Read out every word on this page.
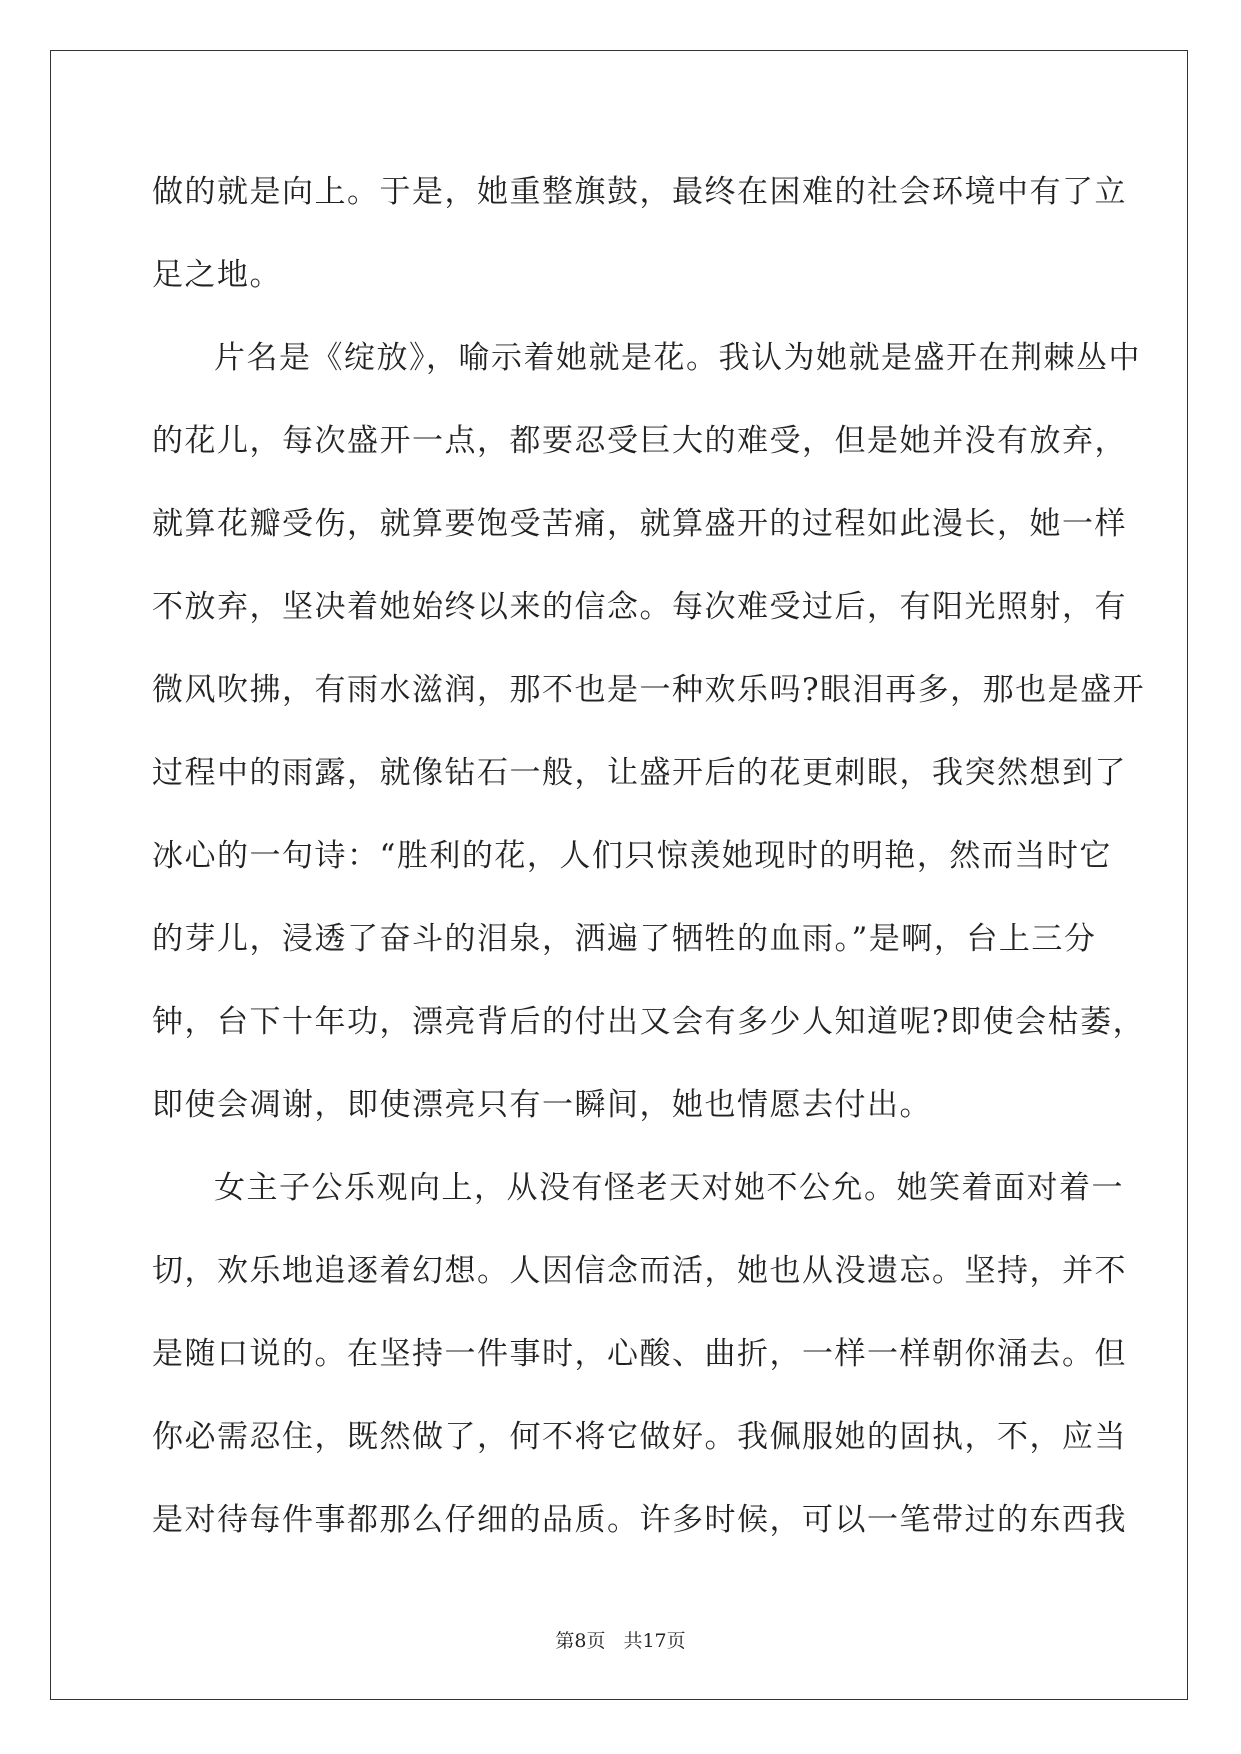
做的就是向上。于是，她重整旗鼓，最终在困难的社会环境中有了立
足之地。
片名是《绽放》，喻示着她就是花。我认为她就是盛开在荆棘丛中
的花儿，每次盛开一点，都要忍受巨大的难受，但是她并没有放弃，
就算花瓣受伤，就算要饱受苦痛，就算盛开的过程如此漫长，她一样
不放弃，坚决着她始终以来的信念。每次难受过后，有阳光照射，有
微风吹拂，有雨水滋润，那不也是一种欢乐吗?眼泪再多，那也是盛开
过程中的雨露，就像钻石一般，让盛开后的花更刺眼，我突然想到了
冰心的一句诗：“胜利的花，人们只惊羡她现时的明艳，然而当时它
的芽儿，浸透了奋斗的泪泉，洒遍了牺牲的血雨。”是啊，台上三分
钟，台下十年功，漂亮背后的付出又会有多少人知道呢?即使会枯萎，
即使会凋谢，即使漂亮只有一瞬间，她也情愿去付出。
女主子公乐观向上，从没有怪老天对她不公允。她笑着面对着一
切，欢乐地追逐着幻想。人因信念而活，她也从没遗忘。坚持，并不
是随口说的。在坚持一件事时，心酸、曲折，一样一样朝你涌去。但
你必需忍住，既然做了，何不将它做好。我佩服她的固执，不，应当
是对待每件事都那么仔细的品质。许多时候，可以一笔带过的东西我
第8页 共17页
